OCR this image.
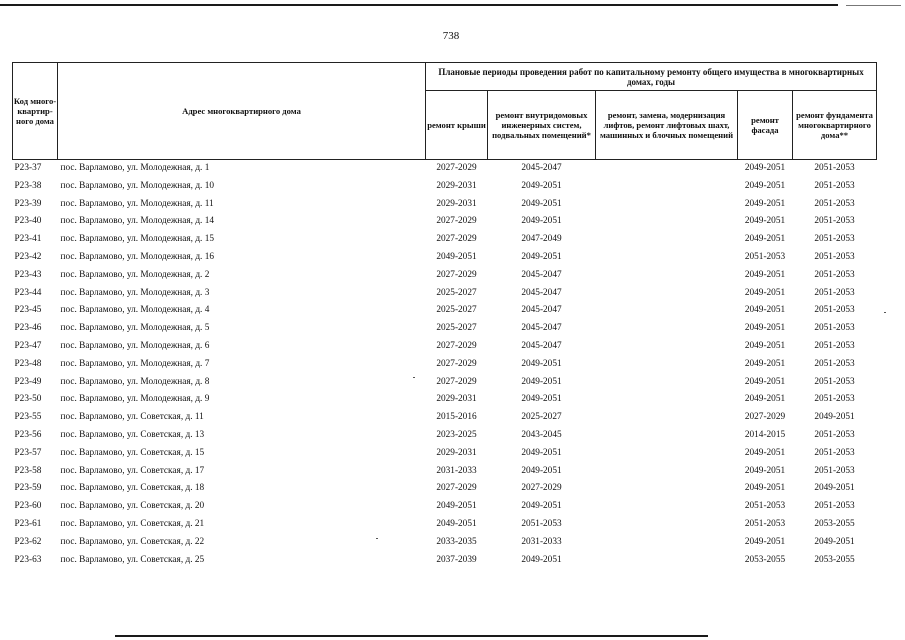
738
Код много-квартир-ного дома	Адрес многоквартирного дома	Плановые периоды проведения работ по капитальному ремонту общего имущества в многоквартирных домах, годы				
		ремонт крыши	ремонт внутридомовых инженерных систем, подвальных помещений*	ремонт, замена, модернизация лифтов, ремонт лифтовых шахт, машинных и блочных помещений	ремонт фасада	ремонт фундамента многоквартирного дома**
Р23-37	пос. Варламово, ул. Молодежная, д. 1	2027-2029	2045-2047		2049-2051	2051-2053
Р23-38	пос. Варламово, ул. Молодежная, д. 10	2029-2031	2049-2051		2049-2051	2051-2053
Р23-39	пос. Варламово, ул. Молодежная, д. 11	2029-2031	2049-2051		2049-2051	2051-2053
Р23-40	пос. Варламово, ул. Молодежная, д. 14	2027-2029	2049-2051		2049-2051	2051-2053
Р23-41	пос. Варламово, ул. Молодежная, д. 15	2027-2029	2047-2049		2049-2051	2051-2053
Р23-42	пос. Варламово, ул. Молодежная, д. 16	2049-2051	2049-2051		2051-2053	2051-2053
Р23-43	пос. Варламово, ул. Молодежная, д. 2	2027-2029	2045-2047		2049-2051	2051-2053
Р23-44	пос. Варламово, ул. Молодежная, д. 3	2025-2027	2045-2047		2049-2051	2051-2053
Р23-45	пос. Варламово, ул. Молодежная, д. 4	2025-2027	2045-2047		2049-2051	2051-2053
Р23-46	пос. Варламово, ул. Молодежная, д. 5	2025-2027	2045-2047		2049-2051	2051-2053
Р23-47	пос. Варламово, ул. Молодежная, д. 6	2027-2029	2045-2047		2049-2051	2051-2053
Р23-48	пос. Варламово, ул. Молодежная, д. 7	2027-2029	2049-2051		2049-2051	2051-2053
Р23-49	пос. Варламово, ул. Молодежная, д. 8	2027-2029	2049-2051		2049-2051	2051-2053
Р23-50	пос. Варламово, ул. Молодежная, д. 9	2029-2031	2049-2051		2049-2051	2051-2053
Р23-55	пос. Варламово, ул. Советская, д. 11	2015-2016	2025-2027		2027-2029	2049-2051
Р23-56	пос. Варламово, ул. Советская, д. 13	2023-2025	2043-2045		2014-2015	2051-2053
Р23-57	пос. Варламово, ул. Советская, д. 15	2029-2031	2049-2051		2049-2051	2051-2053
Р23-58	пос. Варламово, ул. Советская, д. 17	2031-2033	2049-2051		2049-2051	2051-2053
Р23-59	пос. Варламово, ул. Советская, д. 18	2027-2029	2027-2029		2049-2051	2049-2051
Р23-60	пос. Варламово, ул. Советская, д. 20	2049-2051	2049-2051		2051-2053	2051-2053
Р23-61	пос. Варламово, ул. Советская, д. 21	2049-2051	2051-2053		2051-2053	2053-2055
Р23-62	пос. Варламово, ул. Советская, д. 22	2033-2035	2031-2033		2049-2051	2049-2051
Р23-63	пос. Варламово, ул. Советская, д. 25	2037-2039	2049-2051		2053-2055	2053-2055
